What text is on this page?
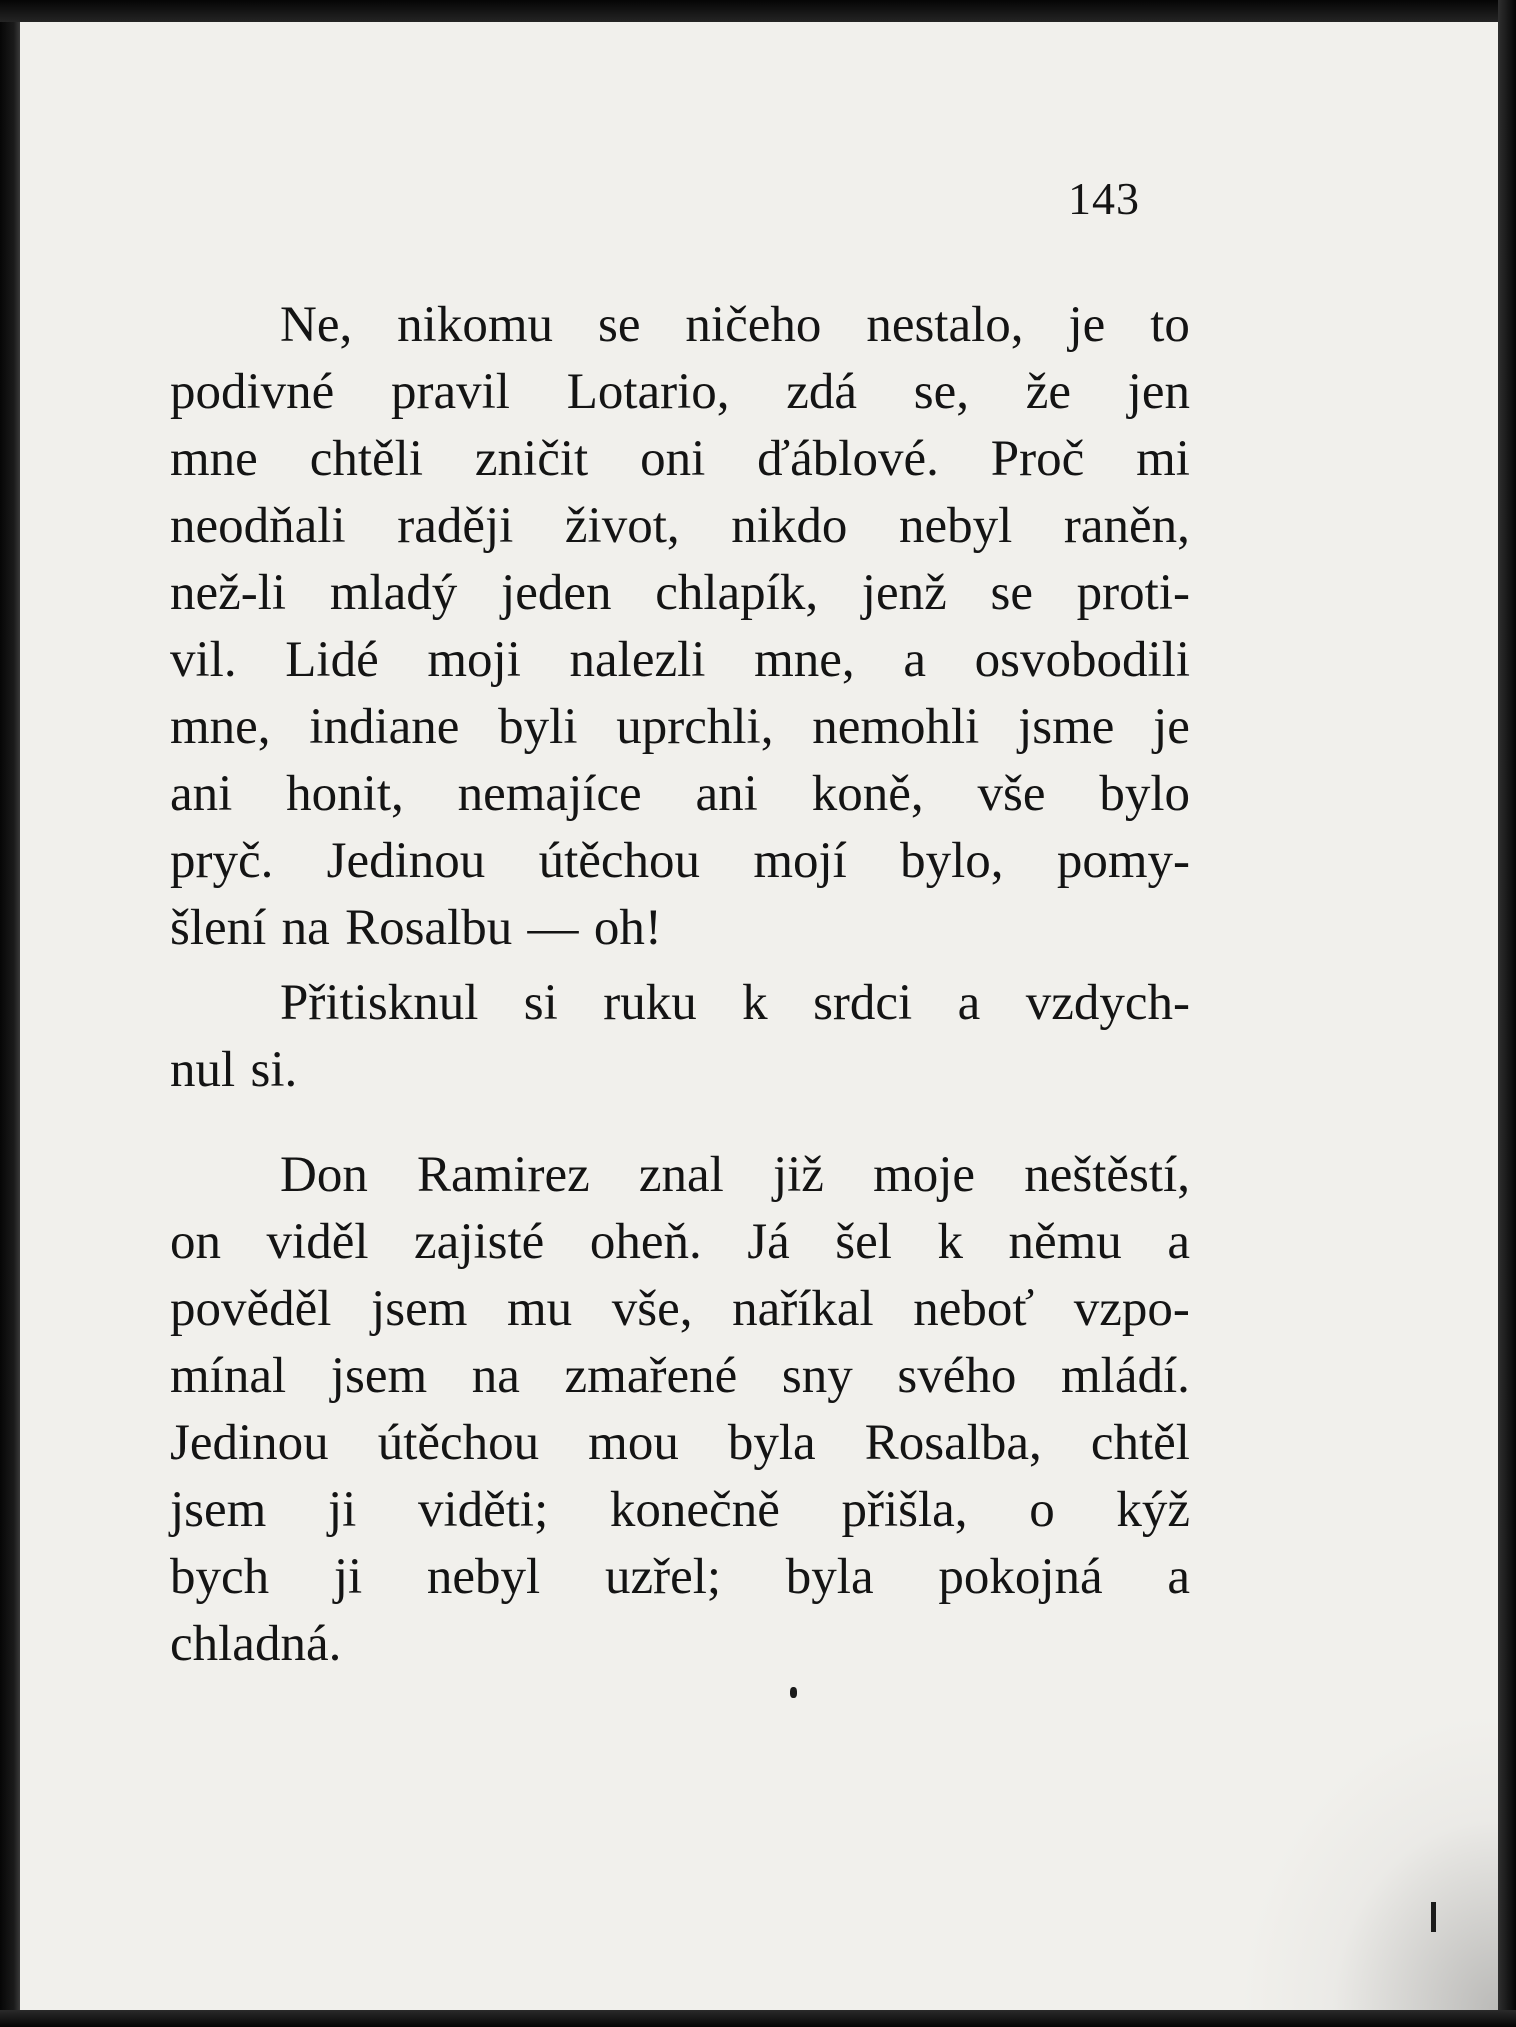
143
Ne, nikomu se ničeho nestalo, je to
podivné pravil Lotario, zdá se, že jen
mne chtěli zničit oni ďáblové. Proč mi
neodňali raději život, nikdo nebyl raněn,
než-li mladý jeden chlapík, jenž se proti-
vil. Lidé moji nalezli mne, a osvobodili
mne, indiane byli uprchli, nemohli jsme je
ani honit, nemajíce ani koně, vše bylo
pryč. Jedinou útěchou mojí bylo, pomy-
šlení na Rosalbu — oh!
Přitisknul si ruku k srdci a vzdych-
nul si.
Don Ramirez znal již moje neštěstí,
on viděl zajisté oheň. Já šel k němu a
pověděl jsem mu vše, naříkal neboť vzpo-
mínal jsem na zmařené sny svého mládí.
Jedinou útěchou mou byla Rosalba, chtěl
jsem ji viděti; konečně přišla, o kýž
bych ji nebyl uzřel; byla pokojná a
chladná.
